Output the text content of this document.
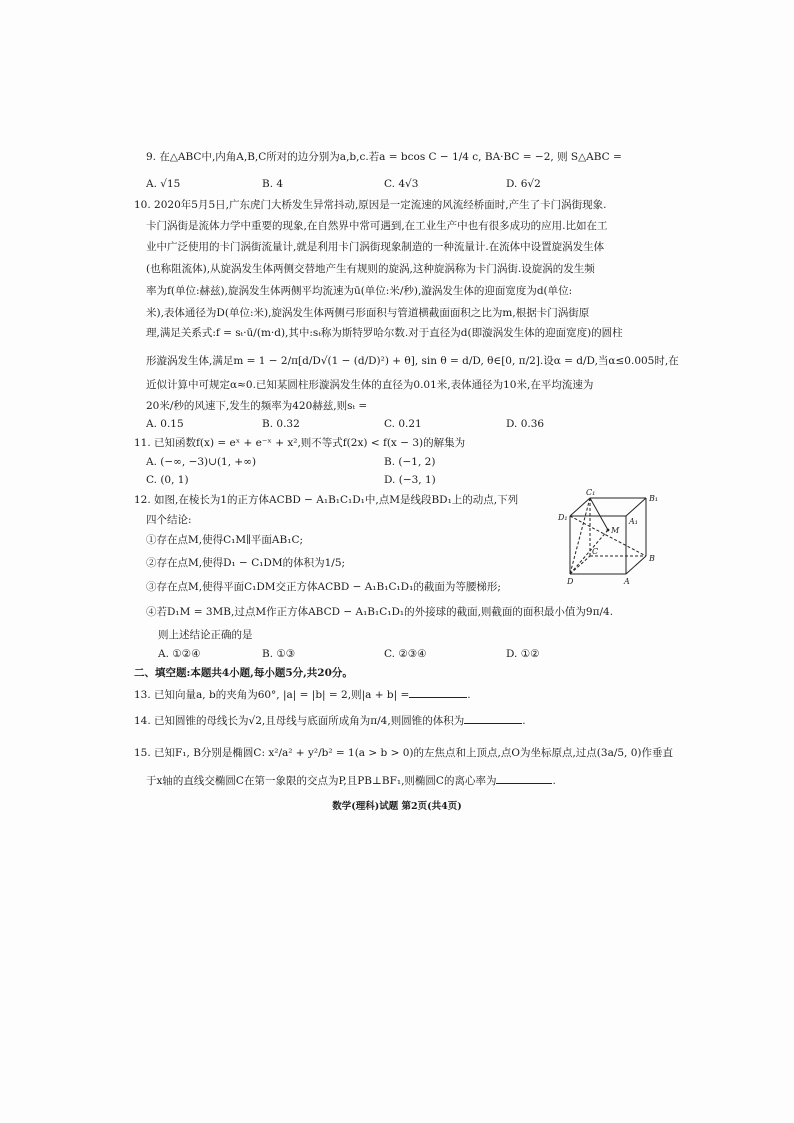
9. 在△ABC中,内角A,B,C所对的边分别为a,b,c.若a = bcos C − 1/4 c, BA·BC = −2, 则 S△ABC =
A. √15	B. 4	C. 4√3	D. 6√2
10. 2020年5月5日,广东虎门大桥发生异常抖动,原因是一定流速的风流经桥面时,产生了卡门涡街现象.
卡门涡街是流体力学中重要的现象,在自然界中常可遇到,在工业生产中也有很多成功的应用.比如在工
业中广泛使用的卡门涡街流量计,就是利用卡门涡街现象制造的一种流量计.在流体中设置旋涡发生体
(也称阻流体),从旋涡发生体两侧交替地产生有规则的旋涡,这种旋涡称为卡门涡街.设旋涡的发生频
率为f(单位:赫兹),旋涡发生体两侧平均流速为ū(单位:米/秒),漩涡发生体的迎面宽度为d(单位:
米),表体通径为D(单位:米),旋涡发生体两侧弓形面积与管道横截面面积之比为m,根据卡门涡街原
理,满足关系式:f = sₜ·ū/(m·d),其中:sₜ称为斯特罗哈尔数.对于直径为d(即漩涡发生体的迎面宽度)的圆柱
形漩涡发生体,满足m = 1 − 2/π[d/D√(1 − (d/D)²) + θ], sin θ = d/D, θ∈[0, π/2].设α = d/D,当α≤0.005时,在
近似计算中可规定α≈0.已知某圆柱形漩涡发生体的直径为0.01米,表体通径为10米,在平均流速为
20米/秒的风速下,发生的频率为420赫兹,则sₜ =
A. 0.15	B. 0.32	C. 0.21	D. 0.36
11. 已知函数f(x) = eˣ + e⁻ˣ + x²,则不等式f(2x) < f(x − 3)的解集为
A. (−∞, −3)∪(1, +∞)	B. (−1, 2)
C. (0, 1)	D. (−3, 1)
12. 如图,在棱长为1的正方体ACBD − A₁B₁C₁D₁中,点M是线段BD₁上的动点,下列
四个结论:
①存在点M,使得C₁M∥平面AB₁C;
②存在点M,使得D₁ − C₁DM的体积为1/5;
③存在点M,使得平面C₁DM交正方体ACBD − A₁B₁C₁D₁的截面为等腰梯形;
④若D₁M = 3MB,过点M作正方体ABCD − A₁B₁C₁D₁的外接球的截面,则截面的面积最小值为9π/4.
则上述结论正确的是
A. ①②④	B. ①③	C. ②③④	D. ①②
C₁
B₁
D₁	A₁
M
C
B
D	A
二、填空题:本题共4小题,每小题5分,共20分。
13. 已知向量a, b的夹角为60°, |a| = |b| = 2,则|a + b| =	.
14. 已知圆锥的母线长为√2,且母线与底面所成角为π/4,则圆锥的体积为	.
15. 已知F₁, B分别是椭圆C: x²/a² + y²/b² = 1(a > b > 0)的左焦点和上顶点,点O为坐标原点,过点(3a/5, 0)作垂直
于x轴的直线交椭圆C在第一象限的交点为P,且PB⊥BF₁,则椭圆C的离心率为	.
数学(理科)试题 第2页(共4页)
